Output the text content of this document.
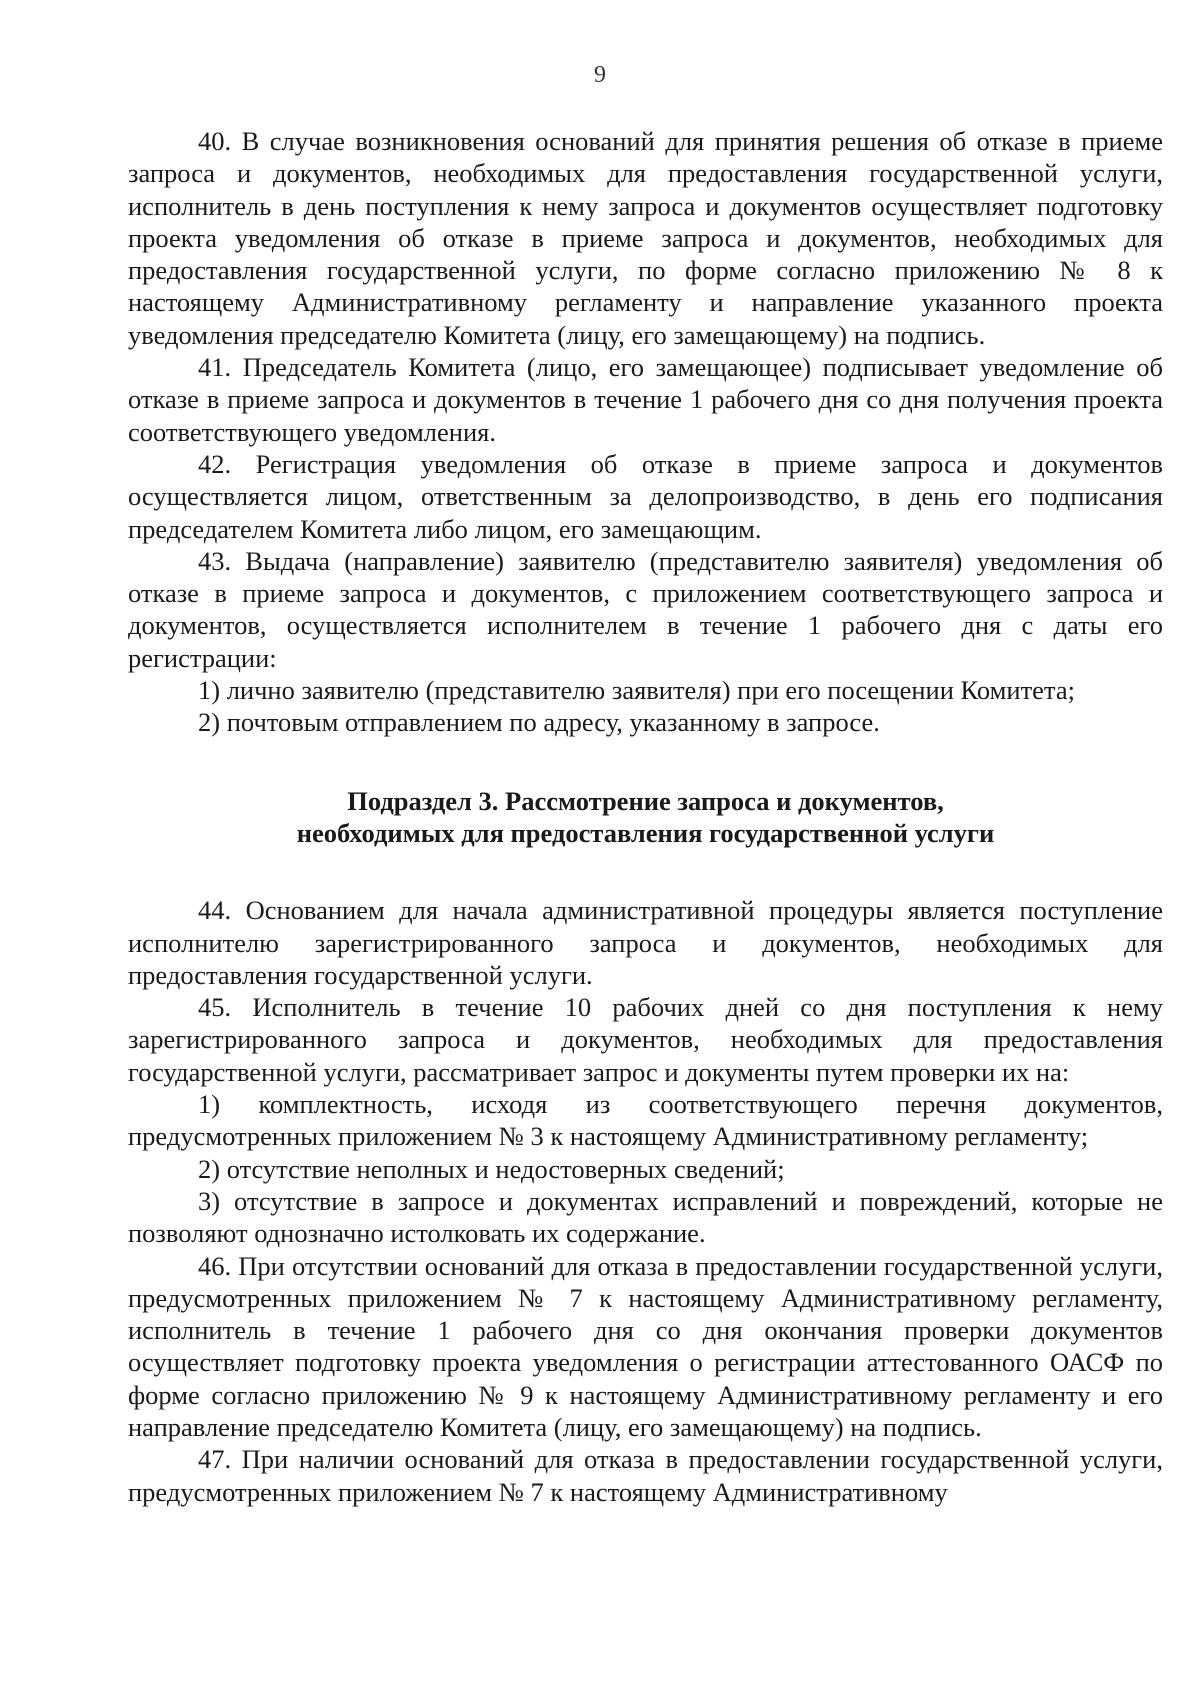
9

40. В случае возникновения оснований для принятия решения об отказе в приеме запроса и документов, необходимых для предоставления государственной услуги, исполнитель в день поступления к нему запроса и документов осуществляет подготовку проекта уведомления об отказе в приеме запроса и документов, необходимых для предоставления государственной услуги, по форме согласно приложению № 8 к настоящему Административному регламенту и направление указанного проекта уведомления председателю Комитета (лицу, его замещающему) на подпись.

41. Председатель Комитета (лицо, его замещающее) подписывает уведомление об отказе в приеме запроса и документов в течение 1 рабочего дня со дня получения проекта соответствующего уведомления.

42. Регистрация уведомления об отказе в приеме запроса и документов осуществляется лицом, ответственным за делопроизводство, в день его подписания председателем Комитета либо лицом, его замещающим.

43. Выдача (направление) заявителю (представителю заявителя) уведомления об отказе в приеме запроса и документов, с приложением соответствующего запроса и документов, осуществляется исполнителем в течение 1 рабочего дня с даты его регистрации:

1) лично заявителю (представителю заявителя) при его посещении Комитета;

2) почтовым отправлением по адресу, указанному в запросе.

Подраздел 3. Рассмотрение запроса и документов,
необходимых для предоставления государственной услуги

44. Основанием для начала административной процедуры является поступление исполнителю зарегистрированного запроса и документов, необходимых для предоставления государственной услуги.

45. Исполнитель в течение 10 рабочих дней со дня поступления к нему зарегистрированного запроса и документов, необходимых для предоставления государственной услуги, рассматривает запрос и документы путем проверки их на:

1) комплектность, исходя из соответствующего перечня документов, предусмотренных приложением № 3 к настоящему Административному регламенту;

2) отсутствие неполных и недостоверных сведений;

3) отсутствие в запросе и документах исправлений и повреждений, которые не позволяют однозначно истолковать их содержание.

46. При отсутствии оснований для отказа в предоставлении государственной услуги, предусмотренных приложением № 7 к настоящему Административному регламенту, исполнитель в течение 1 рабочего дня со дня окончания проверки документов осуществляет подготовку проекта уведомления о регистрации аттестованного ОАСФ по форме согласно приложению № 9 к настоящему Административному регламенту и его направление председателю Комитета (лицу, его замещающему) на подпись.

47. При наличии оснований для отказа в предоставлении государственной услуги, предусмотренных приложением № 7 к настоящему Административному
